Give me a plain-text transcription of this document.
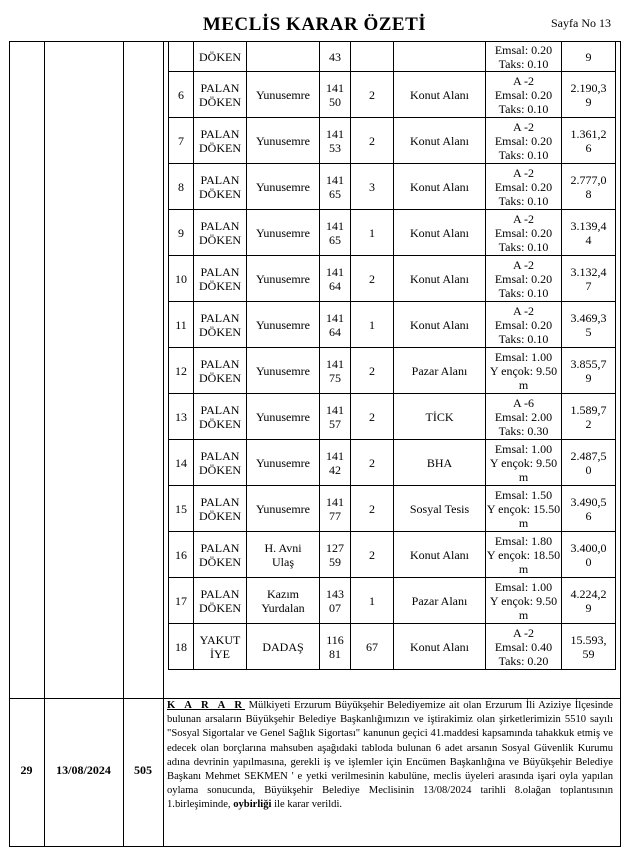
MECLİS KARAR ÖZETİ	Sayfa No 13

	DÖKEN		43			Emsal: 0.20
Taks: 0.10	9

6	PALAN
DÖKEN	Yunusemre	141
50	2	Konut Alanı	A -2
Emsal: 0.20
Taks: 0.10	2.190,3
9

7	PALAN
DÖKEN	Yunusemre	141
53	2	Konut Alanı	A -2
Emsal: 0.20
Taks: 0.10	1.361,2
6

8	PALAN
DÖKEN	Yunusemre	141
65	3	Konut Alanı	A -2
Emsal: 0.20
Taks: 0.10	2.777,0
8

9	PALAN
DÖKEN	Yunusemre	141
65	1	Konut Alanı	A -2
Emsal: 0.20
Taks: 0.10	3.139,4
4

10	PALAN
DÖKEN	Yunusemre	141
64	2	Konut Alanı	A -2
Emsal: 0.20
Taks: 0.10	3.132,4
7

11	PALAN
DÖKEN	Yunusemre	141
64	1	Konut Alanı	A -2
Emsal: 0.20
Taks: 0.10	3.469,3
5

12	PALAN
DÖKEN	Yunusemre	141
75	2	Pazar Alanı	Emsal: 1.00
Y ençok: 9.50
m	3.855,7
9

13	PALAN
DÖKEN	Yunusemre	141
57	2	TİCK	A -6
Emsal: 2.00
Taks: 0.30	1.589,7
2

14	PALAN
DÖKEN	Yunusemre	141
42	2	BHA	Emsal: 1.00
Y ençok: 9.50
m	2.487,5
0

15	PALAN
DÖKEN	Yunusemre	141
77	2	Sosyal Tesis	Emsal: 1.50
Y ençok: 15.50
m	3.490,5
6

16	PALAN
DÖKEN	H. Avni
Ulaş	127
59	2	Konut Alanı	Emsal: 1.80
Y ençok: 18.50
m	3.400,0
0

17	PALAN
DÖKEN	Kazım
Yurdalan	143
07	1	Pazar Alanı	Emsal: 1.00
Y ençok: 9.50
m	4.224,2
9

18	YAKUT
İYE	DADAŞ	116
81	67	Konut Alanı	A -2
Emsal: 0.40
Taks: 0.20	15.593,
59
29	13/08/2024	505
K A R A R Mülkiyeti Erzurum Büyükşehir Belediyemize ait olan Erzurum İli Aziziye İlçesinde bulunan arsaların Büyükşehir Belediye Başkanlığımızın ve iştirakimiz olan şirketlerimizin 5510 sayılı "Sosyal Sigortalar ve Genel Sağlık Sigortası" kanunun geçici 41.maddesi kapsamında tahakkuk etmiş ve edecek olan borçlarına mahsuben aşağıdaki tabloda bulunan 6 adet arsanın Sosyal Güvenlik Kurumu adına devrinin yapılmasına, gerekli iş ve işlemler için Encümen Başkanlığına ve Büyükşehir Belediye Başkanı Mehmet SEKMEN ' e yetki verilmesinin kabulüne, meclis üyeleri arasında işari oyla yapılan oylama sonucunda, Büyükşehir Belediye Meclisinin 13/08/2024 tarihli 8.olağan toplantısının 1.birleşiminde, oybirliği ile karar verildi.
